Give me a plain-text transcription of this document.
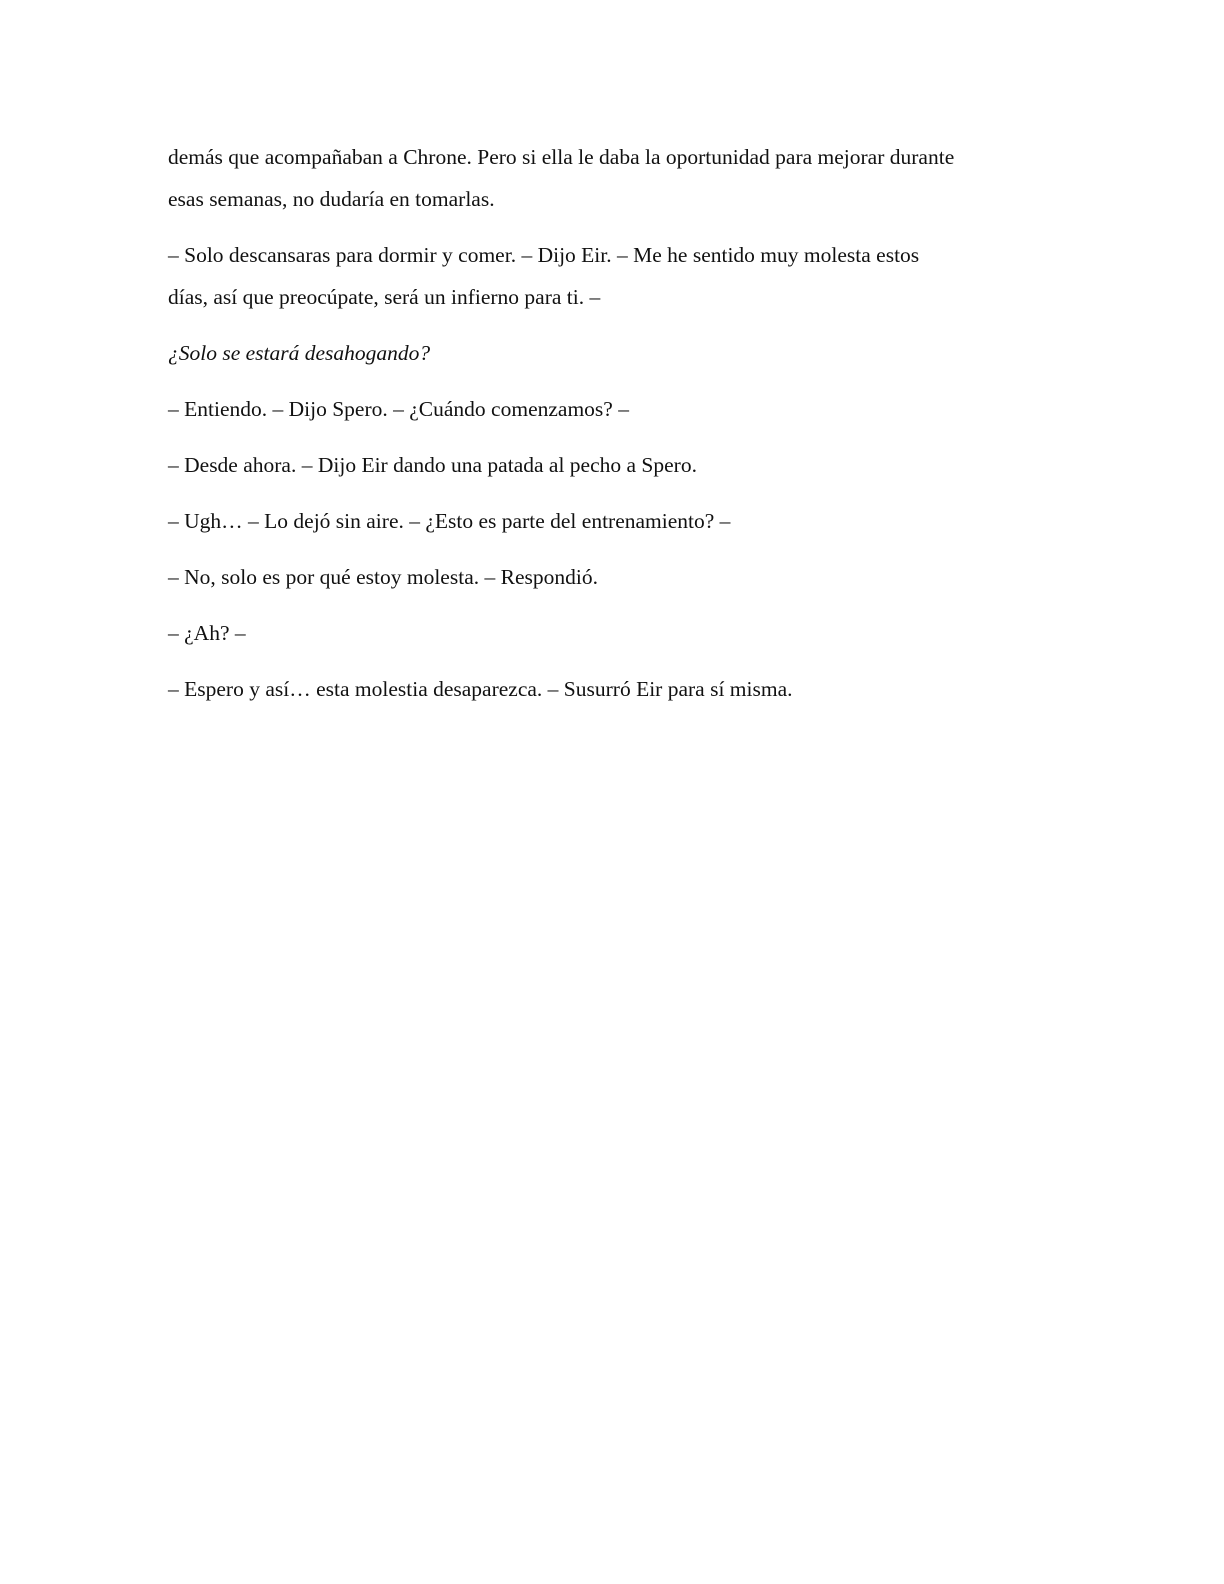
demás que acompañaban a Chrone. Pero si ella le daba la oportunidad para mejorar durante
esas semanas, no dudaría en tomarlas.

– Solo descansaras para dormir y comer. – Dijo Eir. – Me he sentido muy molesta estos
días, así que preocúpate, será un infierno para ti. –

¿Solo se estará desahogando?

– Entiendo. – Dijo Spero. – ¿Cuándo comenzamos? –

– Desde ahora. – Dijo Eir dando una patada al pecho a Spero.

– Ugh… – Lo dejó sin aire. – ¿Esto es parte del entrenamiento? –

– No, solo es por qué estoy molesta. – Respondió.

– ¿Ah? –

– Espero y así… esta molestia desaparezca. – Susurró Eir para sí misma.
